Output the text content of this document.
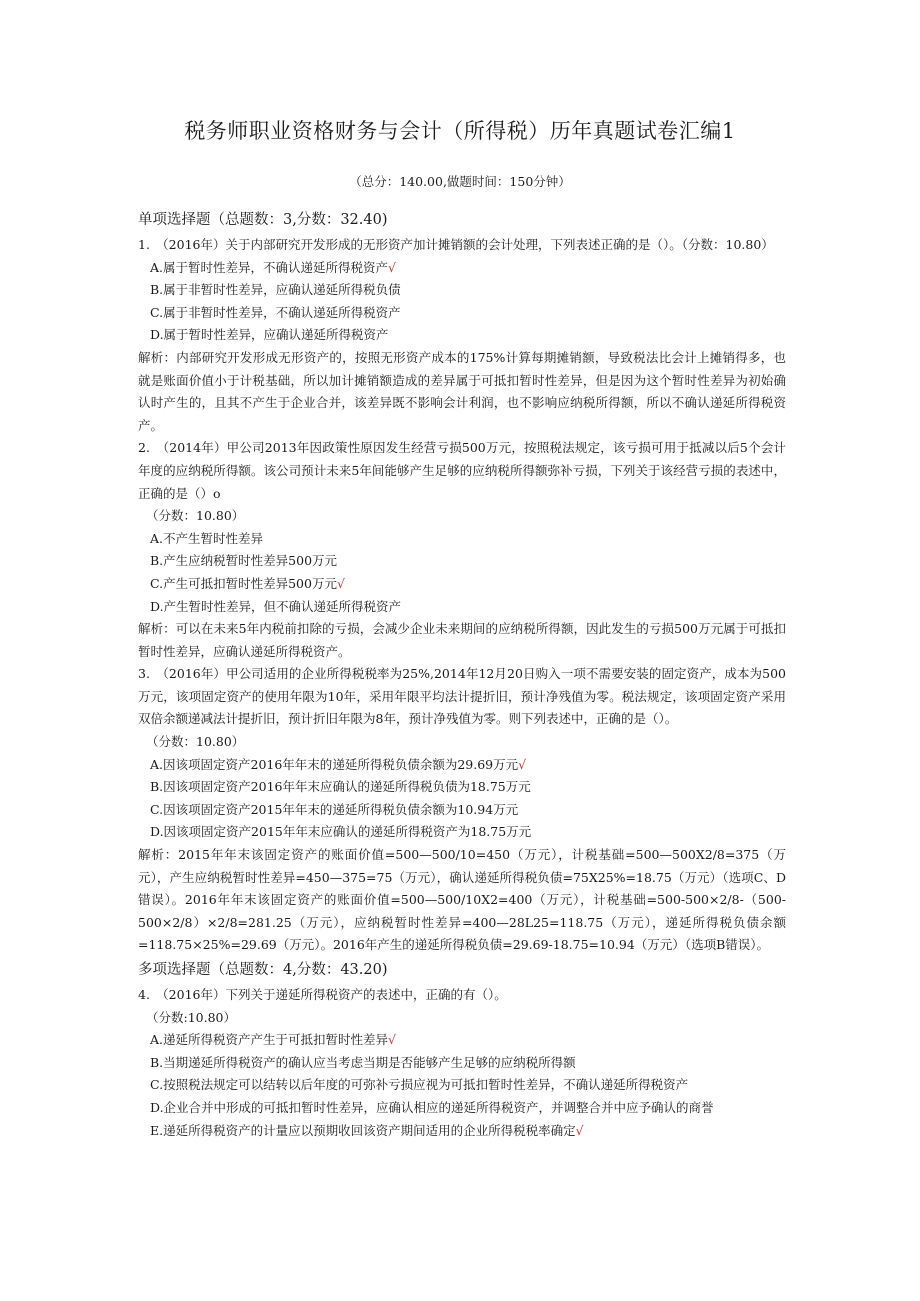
税务师职业资格财务与会计（所得税）历年真题试卷汇编1
（总分：140.00,做题时间：150分钟）
单项选择题（总题数：3,分数：32.40)

1.　（2016年）关于内部研究开发形成的无形资产加计摊销额的会计处理，下列表述正确的是（）。（分数：10.80）

A.属于暂时性差异，不确认递延所得税资产√
B.属于非暂时性差异，应确认递延所得税负债
C.属于非暂时性差异，不确认递延所得税资产
D.属于暂时性差异，应确认递延所得税资产

解析：内部研究开发形成无形资产的，按照无形资产成本的175%计算每期摊销额，导致税法比会计上摊销得多，也就是账面价值小于计税基础，所以加计摊销额造成的差异属于可抵扣暂时性差异，但是因为这个暂时性差异为初始确认时产生的，且其不产生于企业合并，该差异既不影响会计利润，也不影响应纳税所得额，所以不确认递延所得税资产。

2.　（2014年）甲公司2013年因政策性原因发生经营亏损500万元，按照税法规定，该亏损可用于抵减以后5个会计年度的应纳税所得额。该公司预计未来5年间能够产生足够的应纳税所得额弥补亏损，下列关于该经营亏损的表述中，正确的是（）o

（分数：10.80）
A.不产生暂时性差异
B.产生应纳税暂时性差异500万元
C.产生可抵扣暂时性差异500万元√
D.产生暂时性差异，但不确认递延所得税资产

解析：可以在未来5年内税前扣除的亏损，会减少企业未来期间的应纳税所得额，因此发生的亏损500万元属于可抵扣暂时性差异，应确认递延所得税资产。

3.　（2016年）甲公司适用的企业所得税税率为25%,2014年12月20日购入一项不需要安装的固定资产，成本为500万元，该项固定资产的使用年限为10年，采用年限平均法计提折旧，预计净残值为零。税法规定，该项固定资产采用双倍余额递减法计提折旧，预计折旧年限为8年，预计净残值为零。则下列表述中，正确的是（）。

（分数：10.80）
A.因该项固定资产2016年年末的递延所得税负债余额为29.69万元√
B.因该项固定资产2016年年末应确认的递延所得税负债为18.75万元
C.因该项固定资产2015年年末的递延所得税负债余额为10.94万元
D.因该项固定资产2015年年末应确认的递延所得税资产为18.75万元

解析：2015年年末该固定资产的账面价值=500—500/10=450（万元），计税基础=500—500X2/8=375（万元），产生应纳税暂时性差异=450—375=75（万元），确认递延所得税负债=75X25%=18.75（万元）（选项C、D错误）。2016年年末该固定资产的账面价值=500—500/10X2=400（万元），计税基础=500-500×2/8-（500-500×2/8）×2/8=281.25（万元），应纳税暂时性差异=400—28L25=118.75（万元），递延所得税负债余额=118.75×25%=29.69（万元）。2016年产生的递延所得税负债=29.69-18.75=10.94（万元）（选项B错误）。

多项选择题（总题数：4,分数：43.20)

4.　（2016年）下列关于递延所得税资产的表述中，正确的有（）。

（分数:10.80）
A.递延所得税资产产生于可抵扣暂时性差异√
B.当期递延所得税资产的确认应当考虑当期是否能够产生足够的应纳税所得额
C.按照税法规定可以结转以后年度的可弥补亏损应视为可抵扣暂时性差异，不确认递延所得税资产
D.企业合并中形成的可抵扣暂时性差异，应确认相应的递延所得税资产，并调整合并中应予确认的商誉
E.递延所得税资产的计量应以预期收回该资产期间适用的企业所得税税率确定√
